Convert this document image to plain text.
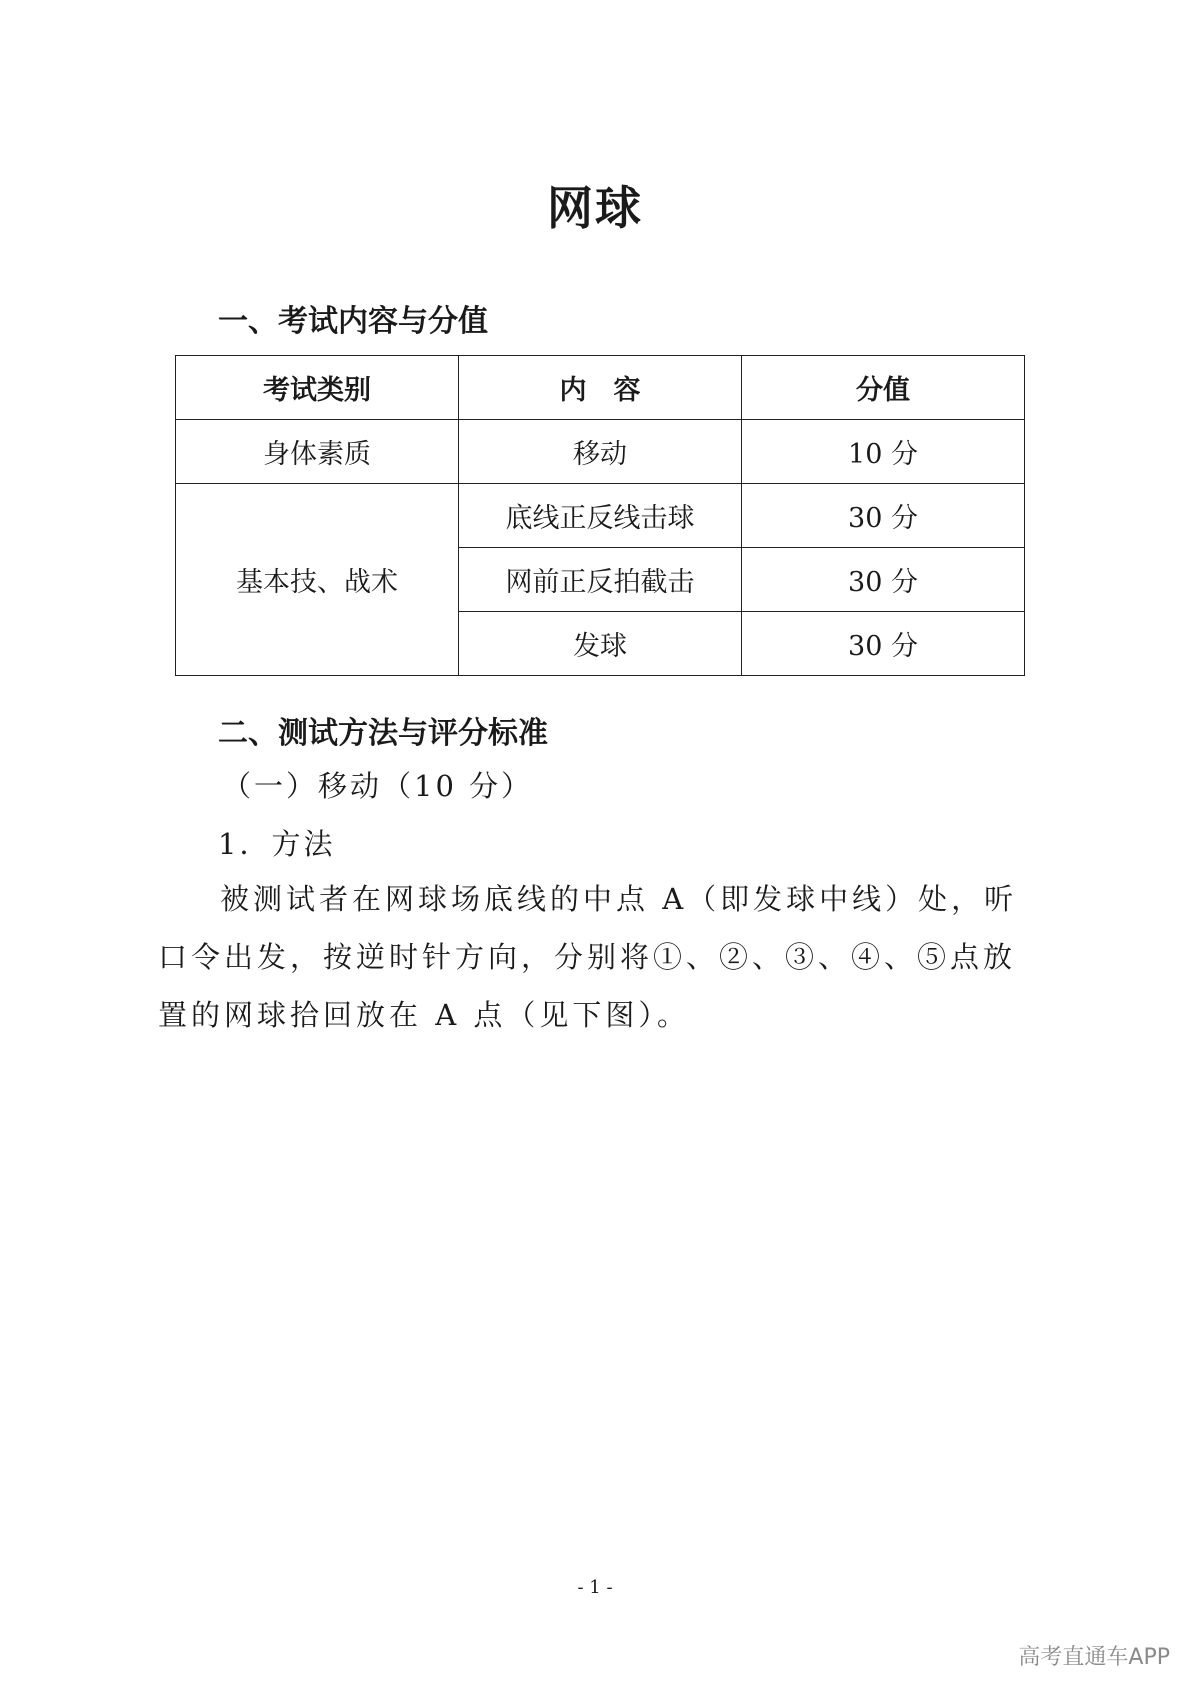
网球
一、考试内容与分值
考试类别	内　容	分值
身体素质	移动	10 分
基本技、战术	底线正反线击球	30 分
	网前正反拍截击	30 分
	发球	30 分
二、测试方法与评分标准
（一）移动（10 分）
1．方法

被测试者在网球场底线的中点 A（即发球中线）处，听口令出发，按逆时针方向，分别将①、②、③、④、⑤点放置的网球拾回放在 A 点（见下图）。

- 1 -
高考直通车APP
